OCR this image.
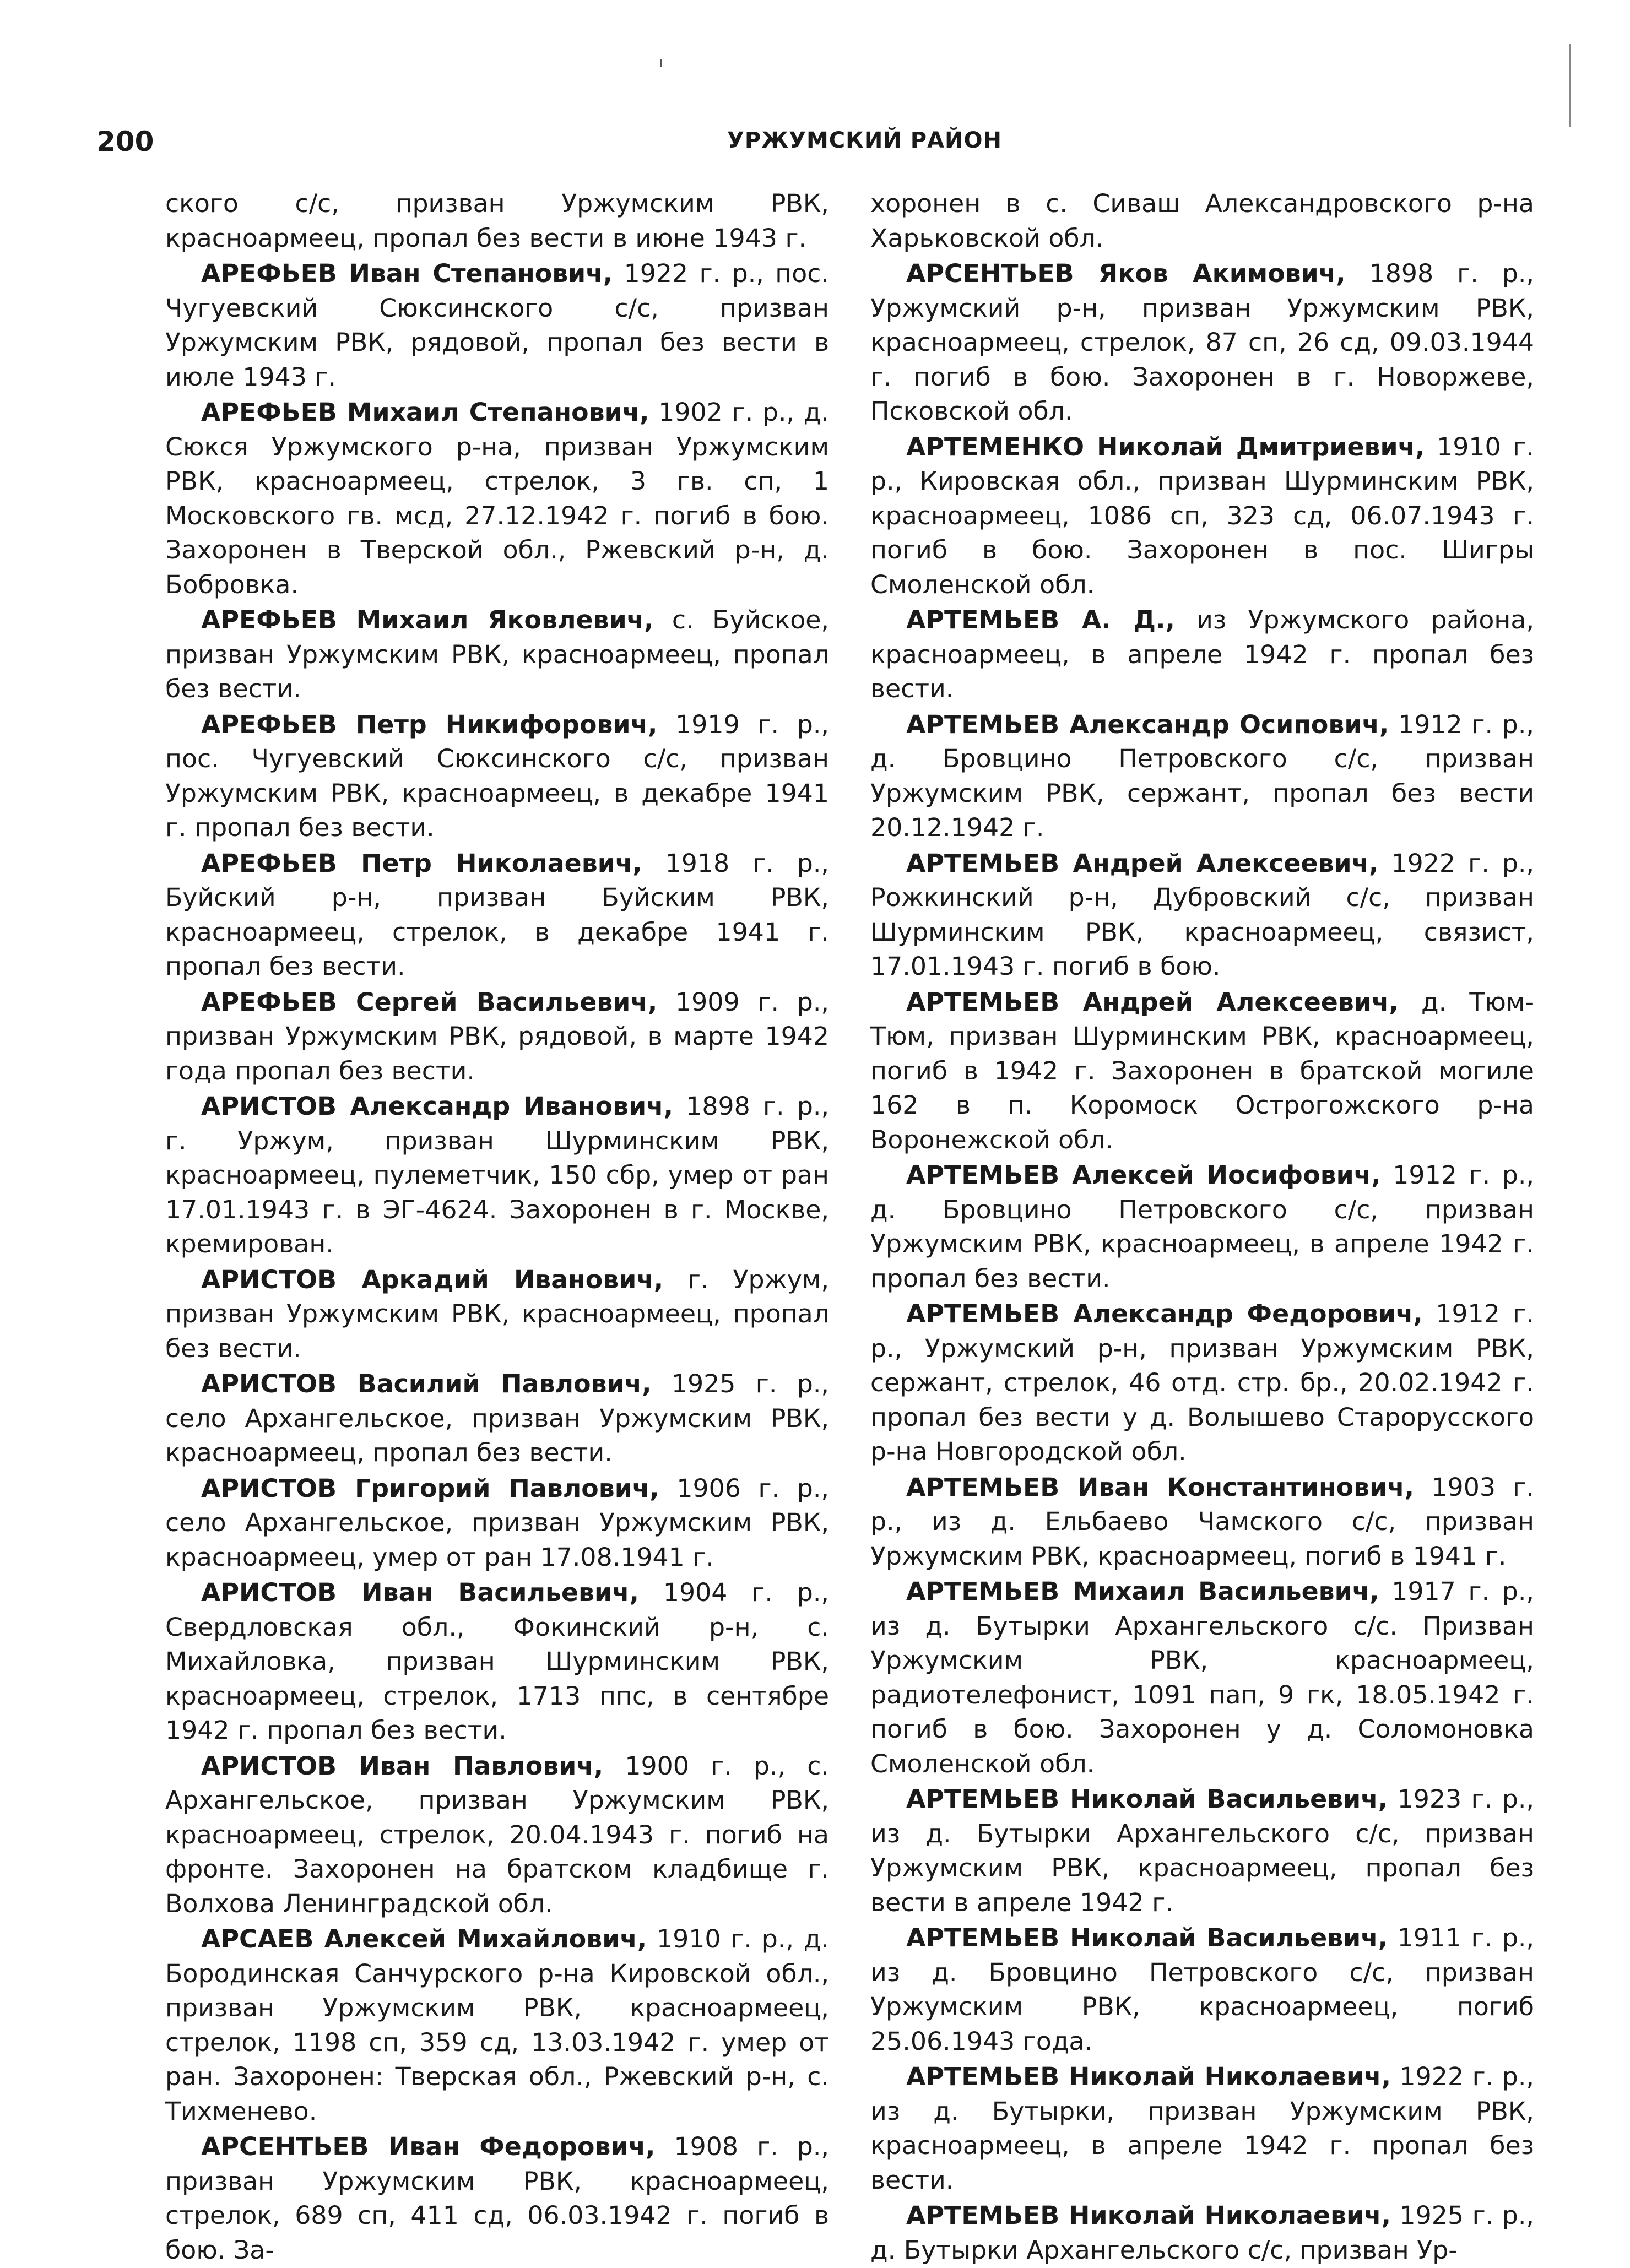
200	УРЖУМСКИЙ РАЙОН

ского с/с, призван Уржумским РВК, красноармеец, пропал без вести в июне 1943 г.

АРЕФЬЕВ Иван Степанович, 1922 г. р., пос. Чугуевский Сюксинского с/с, призван Уржумским РВК, рядовой, пропал без вести в июле 1943 г.

АРЕФЬЕВ Михаил Степанович, 1902 г. р., д. Сюкся Уржумского р-на, призван Уржумским РВК, красноармеец, стрелок, 3 гв. сп, 1 Московского гв. мсд, 27.12.1942 г. погиб в бою. Захоронен в Тверской обл., Ржевский р-н, д. Бобровка.

АРЕФЬЕВ Михаил Яковлевич, с. Буйское, призван Уржумским РВК, красноармеец, пропал без вести.

АРЕФЬЕВ Петр Никифорович, 1919 г. р., пос. Чугуевский Сюксинского с/с, призван Уржумским РВК, красноармеец, в декабре 1941 г. пропал без вести.

АРЕФЬЕВ Петр Николаевич, 1918 г. р., Буйский р-н, призван Буйским РВК, красноармеец, стрелок, в декабре 1941 г. пропал без вести.

АРЕФЬЕВ Сергей Васильевич, 1909 г. р., призван Уржумским РВК, рядовой, в марте 1942 года пропал без вести.

АРИСТОВ Александр Иванович, 1898 г. р., г. Уржум, призван Шурминским РВК, красноармеец, пулеметчик, 150 сбр, умер от ран 17.01.1943 г. в ЭГ-4624. Захоронен в г. Москве, кремирован.

АРИСТОВ Аркадий Иванович, г. Уржум, призван Уржумским РВК, красноармеец, пропал без вести.

АРИСТОВ Василий Павлович, 1925 г. р., село Архангельское, призван Уржумским РВК, красноармеец, пропал без вести.

АРИСТОВ Григорий Павлович, 1906 г. р., село Архангельское, призван Уржумским РВК, красноармеец, умер от ран 17.08.1941 г.

АРИСТОВ Иван Васильевич, 1904 г. р., Свердловская обл., Фокинский р-н, с. Михайловка, призван Шурминским РВК, красноармеец, стрелок, 1713 ппс, в сентябре 1942 г. пропал без вести.

АРИСТОВ Иван Павлович, 1900 г. р., с. Архангельское, призван Уржумским РВК, красноармеец, стрелок, 20.04.1943 г. погиб на фронте. Захоронен на братском кладбище г. Волхова Ленинградской обл.

АРСАЕВ Алексей Михайлович, 1910 г. р., д. Бородинская Санчурского р-на Кировской обл., призван Уржумским РВК, красноармеец, стрелок, 1198 сп, 359 сд, 13.03.1942 г. умер от ран. Захоронен: Тверская обл., Ржевский р-н, с. Тихменево.

АРСЕНТЬЕВ Иван Федорович, 1908 г. р., призван Уржумским РВК, красноармеец, стрелок, 689 сп, 411 сд, 06.03.1942 г. погиб в бою. За-

хоронен в с. Сиваш Александровского р-на Харьковской обл.

АРСЕНТЬЕВ Яков Акимович, 1898 г. р., Уржумский р-н, призван Уржумским РВК, красноармеец, стрелок, 87 сп, 26 сд, 09.03.1944 г. погиб в бою. Захоронен в г. Новоржеве, Псковской обл.

АРТЕМЕНКО Николай Дмитриевич, 1910 г. р., Кировская обл., призван Шурминским РВК, красноармеец, 1086 сп, 323 сд, 06.07.1943 г. погиб в бою. Захоронен в пос. Шигры Смоленской обл.

АРТЕМЬЕВ А. Д., из Уржумского района, красноармеец, в апреле 1942 г. пропал без вести.

АРТЕМЬЕВ Александр Осипович, 1912 г. р., д. Бровцино Петровского с/с, призван Уржумским РВК, сержант, пропал без вести 20.12.1942 г.

АРТЕМЬЕВ Андрей Алексеевич, 1922 г. р., Рожкинский р-н, Дубровский с/с, призван Шурминским РВК, красноармеец, связист, 17.01.1943 г. погиб в бою.

АРТЕМЬЕВ Андрей Алексеевич, д. Тюм-Тюм, призван Шурминским РВК, красноармеец, погиб в 1942 г. Захоронен в братской могиле 162 в п. Коромоск Острогожского р-на Воронежской обл.

АРТЕМЬЕВ Алексей Иосифович, 1912 г. р., д. Бровцино Петровского с/с, призван Уржумским РВК, красноармеец, в апреле 1942 г. пропал без вести.

АРТЕМЬЕВ Александр Федорович, 1912 г. р., Уржумский р-н, призван Уржумским РВК, сержант, стрелок, 46 отд. стр. бр., 20.02.1942 г. пропал без вести у д. Волышево Старорусского р-на Новгородской обл.

АРТЕМЬЕВ Иван Константинович, 1903 г. р., из д. Ельбаево Чамского с/с, призван Уржумским РВК, красноармеец, погиб в 1941 г.

АРТЕМЬЕВ Михаил Васильевич, 1917 г. р., из д. Бутырки Архангельского с/с. Призван Уржумским РВК, красноармеец, радиотелефонист, 1091 пап, 9 гк, 18.05.1942 г. погиб в бою. Захоронен у д. Соломоновка Смоленской обл.

АРТЕМЬЕВ Николай Васильевич, 1923 г. р., из д. Бутырки Архангельского с/с, призван Уржумским РВК, красноармеец, пропал без вести в апреле 1942 г.

АРТЕМЬЕВ Николай Васильевич, 1911 г. р., из д. Бровцино Петровского с/с, призван Уржумским РВК, красноармеец, погиб 25.06.1943 года.

АРТЕМЬЕВ Николай Николаевич, 1922 г. р., из д. Бутырки, призван Уржумским РВК, красноармеец, в апреле 1942 г. пропал без вести.

АРТЕМЬЕВ Николай Николаевич, 1925 г. р., д. Бутырки Архангельского с/с, призван Ур-
